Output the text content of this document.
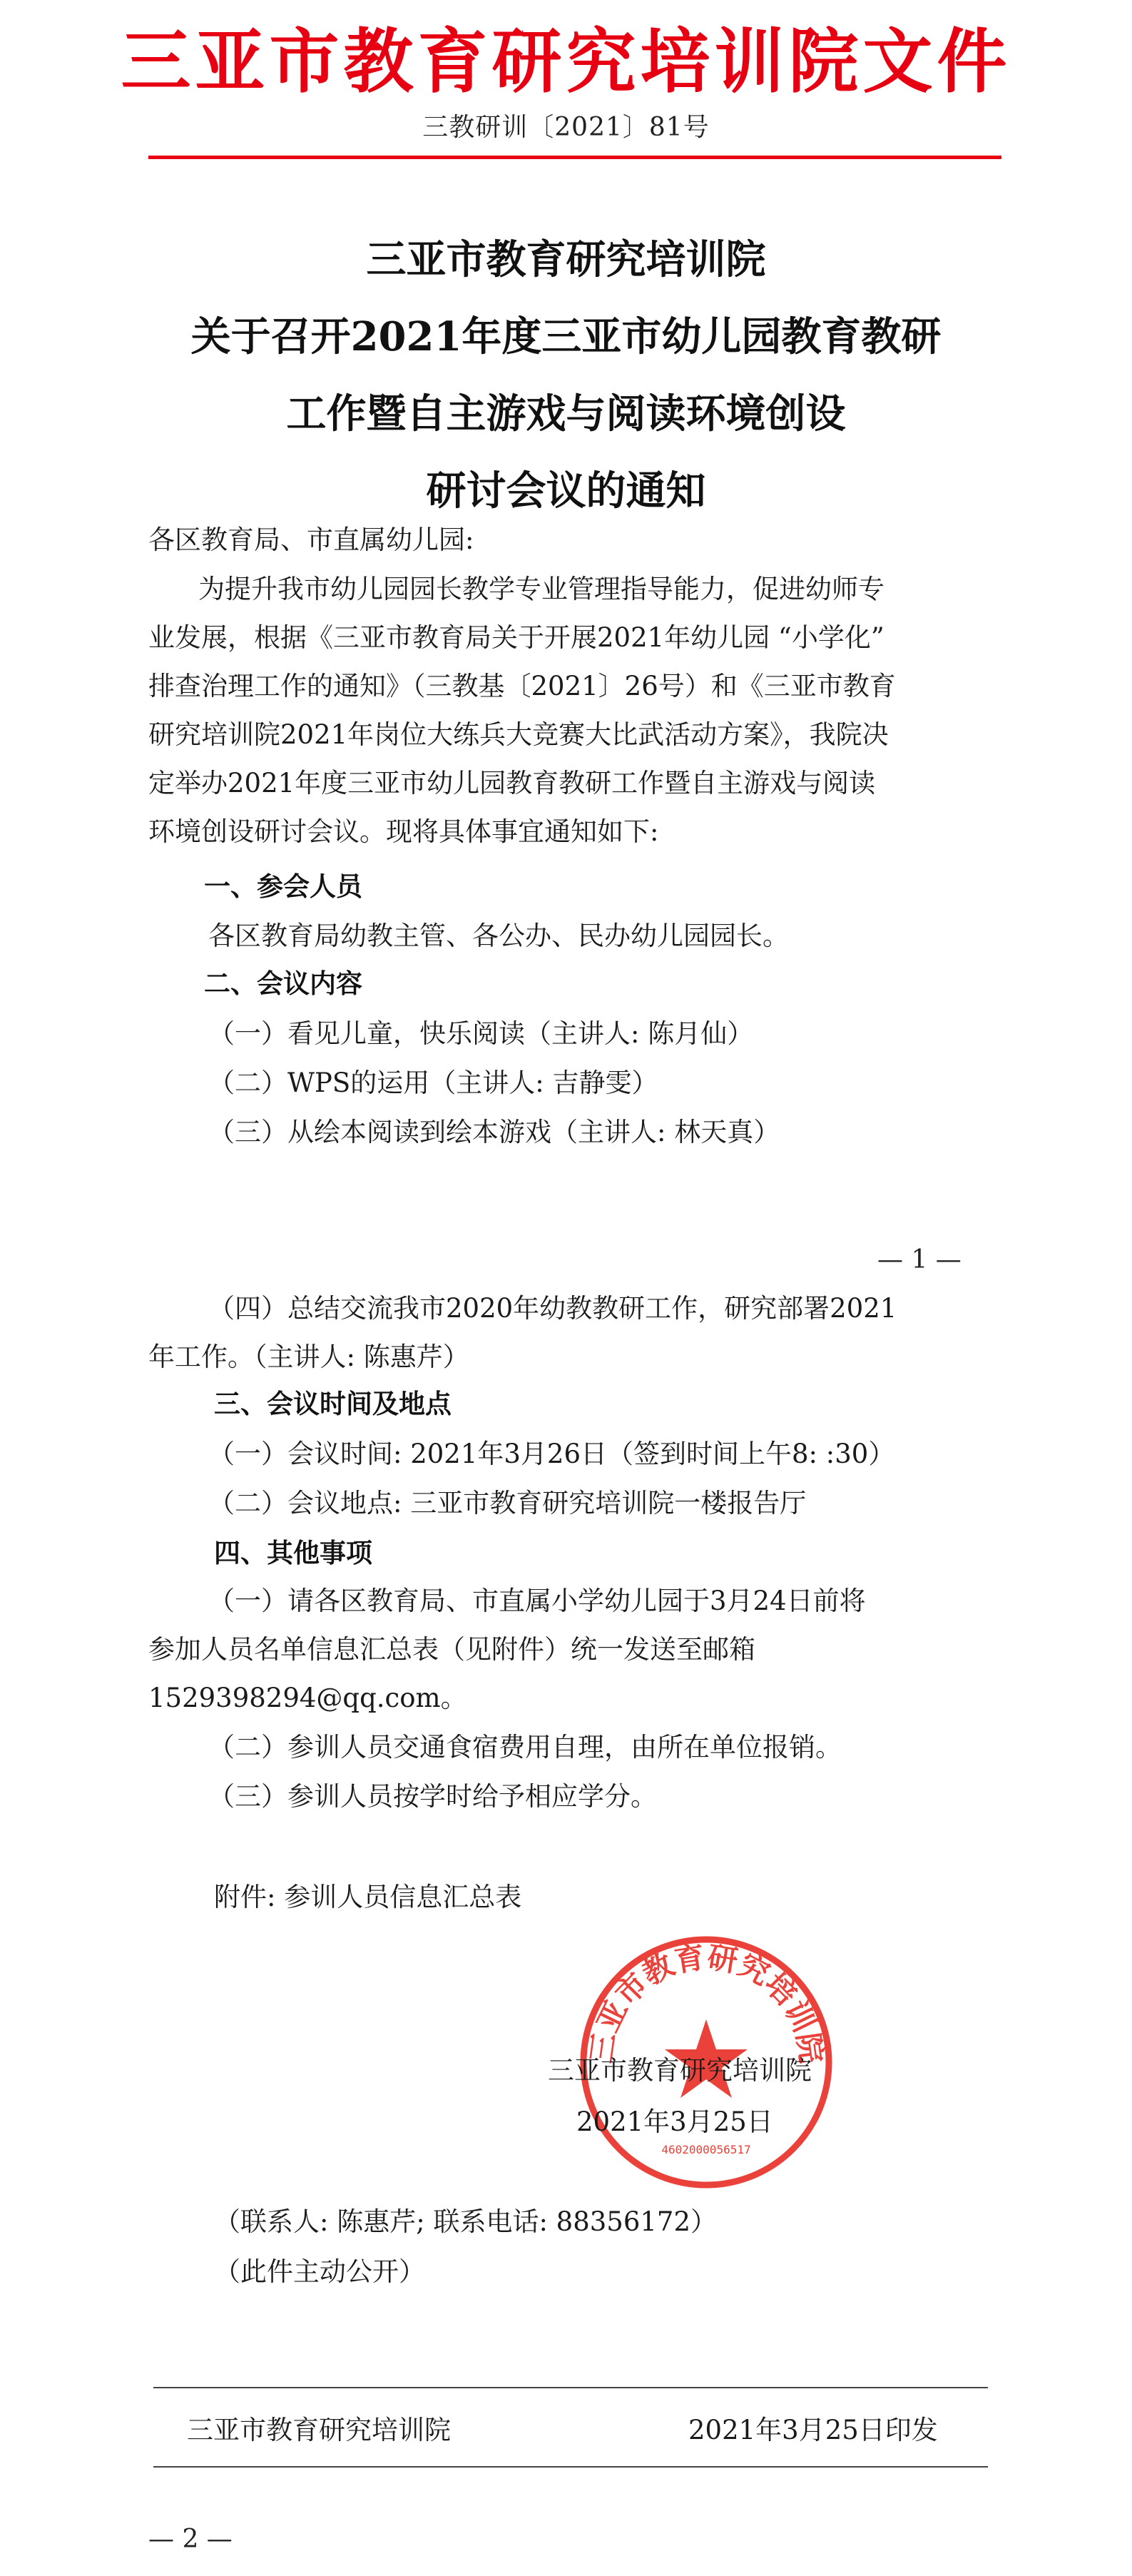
三亚市教育研究培训院文件
三教研训〔2021〕81号
三亚市教育研究培训院
关于召开2021年度三亚市幼儿园教育教研
工作暨自主游戏与阅读环境创设
研讨会议的通知
各区教育局、市直属幼儿园:
为提升我市幼儿园园长教学专业管理指导能力，促进幼师专
业发展，根据《三亚市教育局关于开展2021年幼儿园 “小学化”
排查治理工作的通知》（三教基〔2021〕26号）和《三亚市教育
研究培训院2021年岗位大练兵大竞赛大比武活动方案》，我院决
定举办2021年度三亚市幼儿园教育教研工作暨自主游戏与阅读
环境创设研讨会议。现将具体事宜通知如下:
一、参会人员
各区教育局幼教主管、各公办、民办幼儿园园长。
二、会议内容
（一）看见儿童，快乐阅读（主讲人: 陈月仙）
（二）WPS的运用（主讲人: 吉静雯）
（三）从绘本阅读到绘本游戏（主讲人: 林天真）
— 1 —
（四）总结交流我市2020年幼教教研工作，研究部署2021
年工作。（主讲人: 陈惠芹）
三、会议时间及地点
（一）会议时间: 2021年3月26日（签到时间上午8: :30）
（二）会议地点: 三亚市教育研究培训院一楼报告厅
四、其他事项
（一）请各区教育局、市直属小学幼儿园于3月24日前将
参加人员名单信息汇总表（见附件）统一发送至邮箱
1529398294@qq.com。
（二）参训人员交通食宿费用自理，由所在单位报销。
（三）参训人员按学时给予相应学分。
附件: 参训人员信息汇总表
三亚市教育研究培训院
4602000056517
三亚市教育研究培训院
2021年3月25日
（联系人: 陈惠芹; 联系电话: 88356172）
（此件主动公开）
三亚市教育研究培训院	2021年3月25日印发
— 2 —
